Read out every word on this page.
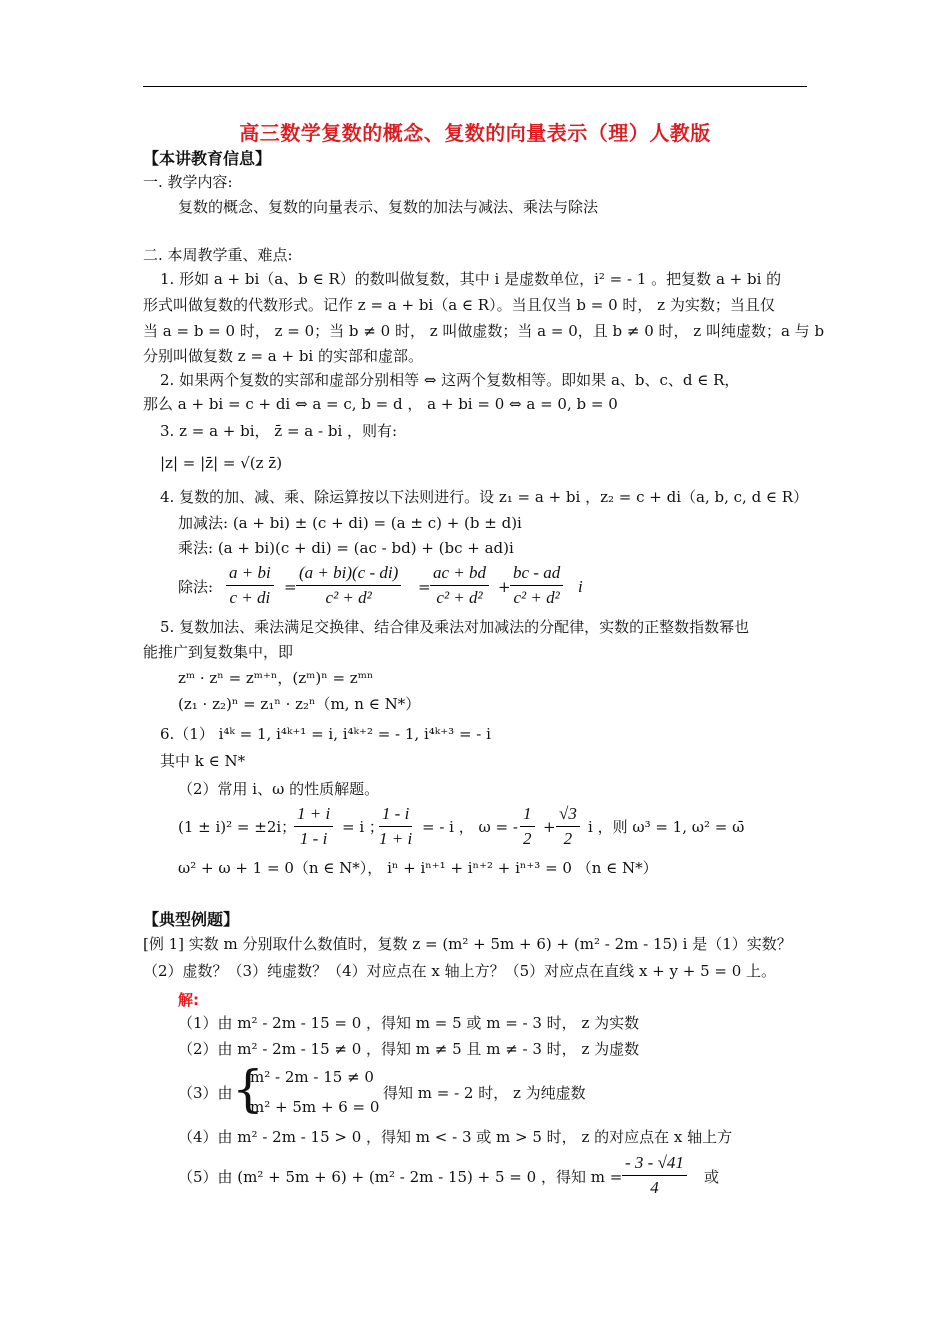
高三数学复数的概念、复数的向量表示（理）人教版
【本讲教育信息】
一. 教学内容:
复数的概念、复数的向量表示、复数的加法与减法、乘法与除法
二. 本周教学重、难点:
1. 形如 a + bi（a、b ∈ R）的数叫做复数，其中 i 是虚数单位，i² = - 1 。把复数 a + bi 的
形式叫做复数的代数形式。记作 z = a + bi（a ∈ R）。当且仅当 b = 0 时， z 为实数；当且仅
当 a = b = 0 时， z = 0；当 b ≠ 0 时， z 叫做虚数；当 a = 0，且 b ≠ 0 时， z 叫纯虚数；a 与 b
分别叫做复数 z = a + bi 的实部和虚部。
2. 如果两个复数的实部和虚部分别相等 ⇔ 这两个复数相等。即如果 a、b、c、d ∈ R，
那么 a + bi = c + di ⇔ a = c, b = d ， a + bi = 0 ⇔ a = 0, b = 0
3. z = a + bi， z̄ = a - bi ，则有:
|z| = |z̄| = √(z z̄)
4. 复数的加、减、乘、除运算按以下法则进行。设 z₁ = a + bi ，z₂ = c + di（a, b, c, d ∈ R）
加减法: (a + bi) ± (c + di) = (a ± c) + (b ± d)i
乘法: (a + bi)(c + di) = (ac - bd) + (bc + ad)i
除法: $\frac{a + bi}{c + di} = \frac{(a + bi)(c - di)}{\text{c² + d²}} = \frac{ac + bd}{\text{c² + d²}} + \frac{bc - ad}{\text{c² + d²}}$ i
5. 复数加法、乘法满足交换律、结合律及乘法对加减法的分配律，实数的正整数指数幂也
能推广到复数集中，即
zᵐ · zⁿ = zᵐ⁺ⁿ，(zᵐ)ⁿ = zᵐⁿ
(z₁ · z₂)ⁿ = z₁ⁿ · z₂ⁿ（m, n ∈ N*）
6.（1） i⁴ᵏ = 1, i⁴ᵏ⁺¹ = i, i⁴ᵏ⁺² = - 1, i⁴ᵏ⁺³ = - i
其中 k ∈ N*
（2）常用 i、ω 的性质解题。
(1 ± i)² = ±2i；
$\frac{1 + i}{1 - i} = i$ ；
$\frac{1 - i}{1 + i}$ = - i ， ω = - $\frac{1}{2} + \frac{√3}{2}$ i ，则 ω³ = 1, ω² = ω̄
ω² + ω + 1 = 0（n ∈ N*）， iⁿ + iⁿ⁺¹ + iⁿ⁺² + iⁿ⁺³ = 0 （n ∈ N*）
【典型例题】
[例 1] 实数 m 分别取什么数值时，复数 z = (m² + 5m + 6) + (m² - 2m - 15) i 是（1）实数？
（2）虚数？（3）纯虚数？（4）对应点在 x 轴上方？（5）对应点在直线 x + y + 5 = 0 上。
解:
（1）由 m² - 2m - 15 = 0 ，得知 m = 5 或 m = - 3 时， z 为实数
（2）由 m² - 2m - 15 ≠ 0 ，得知 m ≠ 5 且 m ≠ - 3 时， z 为虚数
（3）由 {
m² - 2m - 15 ≠ 0
m² + 5m + 6 = 0
得知 m = - 2 时， z 为纯虚数
（4）由 m² - 2m - 15 > 0 ，得知 m < - 3 或 m > 5 时， z 的对应点在 x 轴上方
（5）由 (m² + 5m + 6) + (m² - 2m - 15) + 5 = 0 ，得知 $m = \frac{- 3 - √41}{4}$ 或
